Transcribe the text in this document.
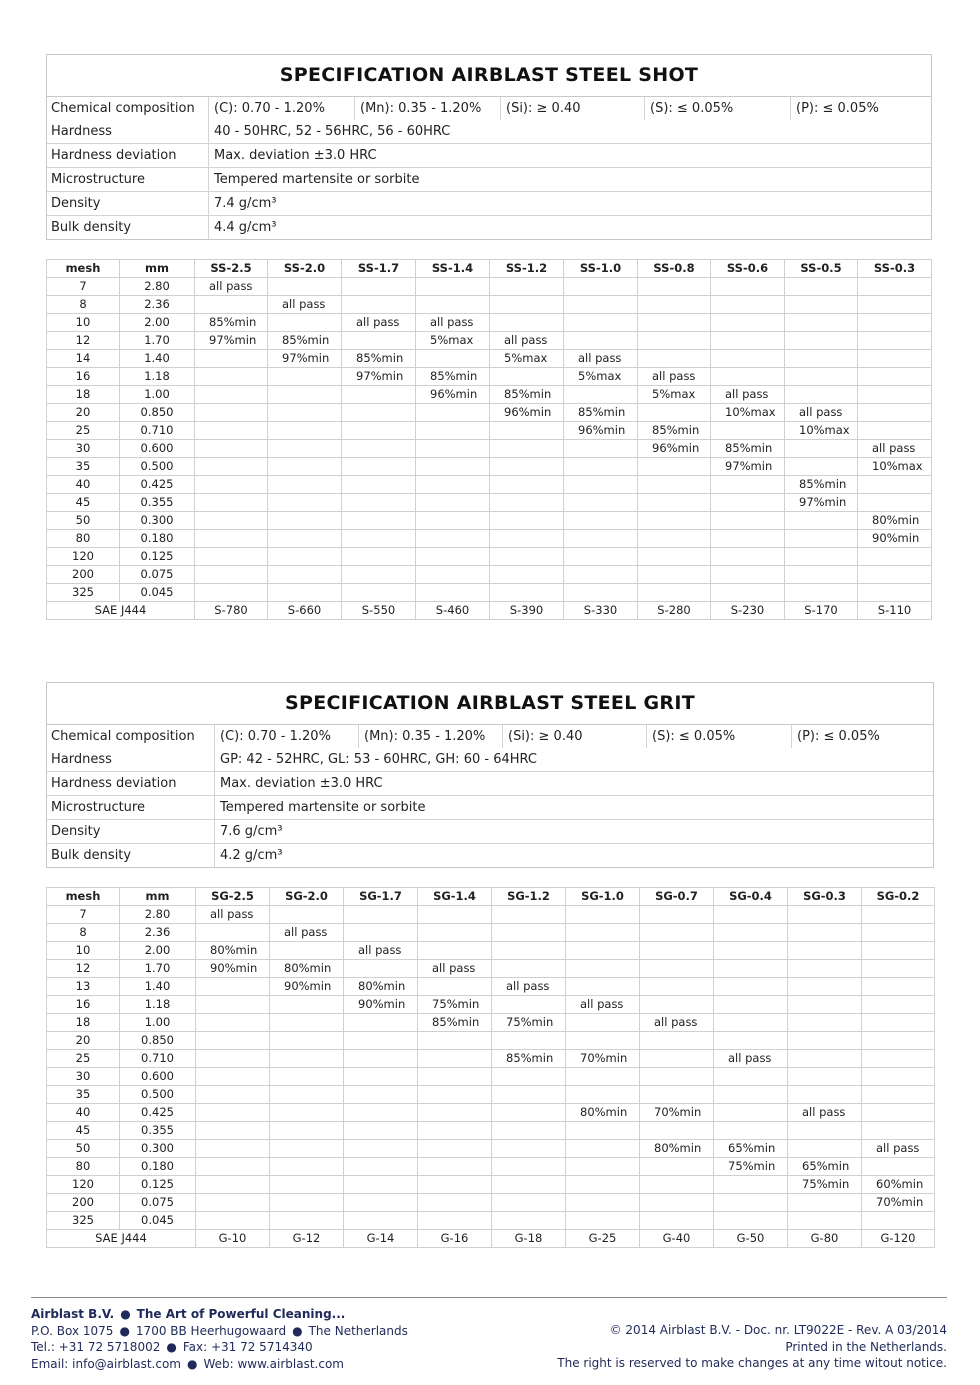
SPECIFICATION AIRBLAST STEEL SHOT
Chemical composition	(C): 0.70 - 1.20%	(Mn): 0.35 - 1.20%	(Si): ≥ 0.40	(S): ≤ 0.05%	(P): ≤ 0.05%
Hardness	40 - 50HRC, 52 - 56HRC, 56 - 60HRC
Hardness deviation	Max. deviation ±3.0 HRC
Microstructure	Tempered martensite or sorbite
Density	7.4 g/cm³
Bulk density	4.4 g/cm³
mesh	mm	SS-2.5	SS-2.0	SS-1.7	SS-1.4	SS-1.2	SS-1.0	SS-0.8	SS-0.6	SS-0.5	SS-0.3
7	2.80	all pass									
8	2.36		all pass								
10	2.00	85%min		all pass	all pass						
12	1.70	97%min	85%min		5%max	all pass					
14	1.40		97%min	85%min		5%max	all pass				
16	1.18			97%min	85%min		5%max	all pass			
18	1.00				96%min	85%min		5%max	all pass		
20	0.850					96%min	85%min		10%max	all pass	
25	0.710						96%min	85%min		10%max	
30	0.600							96%min	85%min		all pass
35	0.500								97%min		10%max
40	0.425									85%min	
45	0.355									97%min	
50	0.300										80%min
80	0.180										90%min
120	0.125										
200	0.075										
325	0.045										
SAE J444		S-780	S-660	S-550	S-460	S-390	S-330	S-280	S-230	S-170	S-110
SPECIFICATION AIRBLAST STEEL GRIT
Chemical composition	(C): 0.70 - 1.20%	(Mn): 0.35 - 1.20%	(Si): ≥ 0.40	(S): ≤ 0.05%	(P): ≤ 0.05%
Hardness	GP: 42 - 52HRC, GL: 53 - 60HRC, GH: 60 - 64HRC
Hardness deviation	Max. deviation ±3.0 HRC
Microstructure	Tempered martensite or sorbite
Density	7.6 g/cm³
Bulk density	4.2 g/cm³
mesh	mm	SG-2.5	SG-2.0	SG-1.7	SG-1.4	SG-1.2	SG-1.0	SG-0.7	SG-0.4	SG-0.3	SG-0.2
7	2.80	all pass									
8	2.36		all pass								
10	2.00	80%min		all pass							
12	1.70	90%min	80%min		all pass						
13	1.40		90%min	80%min		all pass					
16	1.18			90%min	75%min		all pass				
18	1.00				85%min	75%min		all pass			
20	0.850										
25	0.710					85%min	70%min		all pass		
30	0.600										
35	0.500										
40	0.425						80%min	70%min		all pass	
45	0.355										
50	0.300							80%min	65%min		all pass
80	0.180								75%min	65%min	
120	0.125									75%min	60%min
200	0.075										70%min
325	0.045										
SAE J444		G-10	G-12	G-14	G-16	G-18	G-25	G-40	G-50	G-80	G-120
Airblast B.V. ● The Art of Powerful Cleaning...
P.O. Box 1075 ● 1700 BB Heerhugowaard ● The Netherlands
Tel.: +31 72 5718002 ● Fax: +31 72 5714340
Email: info@airblast.com ● Web: www.airblast.com
© 2014 Airblast B.V. - Doc. nr. LT9022E - Rev. A 03/2014
Printed in the Netherlands.
The right is reserved to make changes at any time witout notice.
